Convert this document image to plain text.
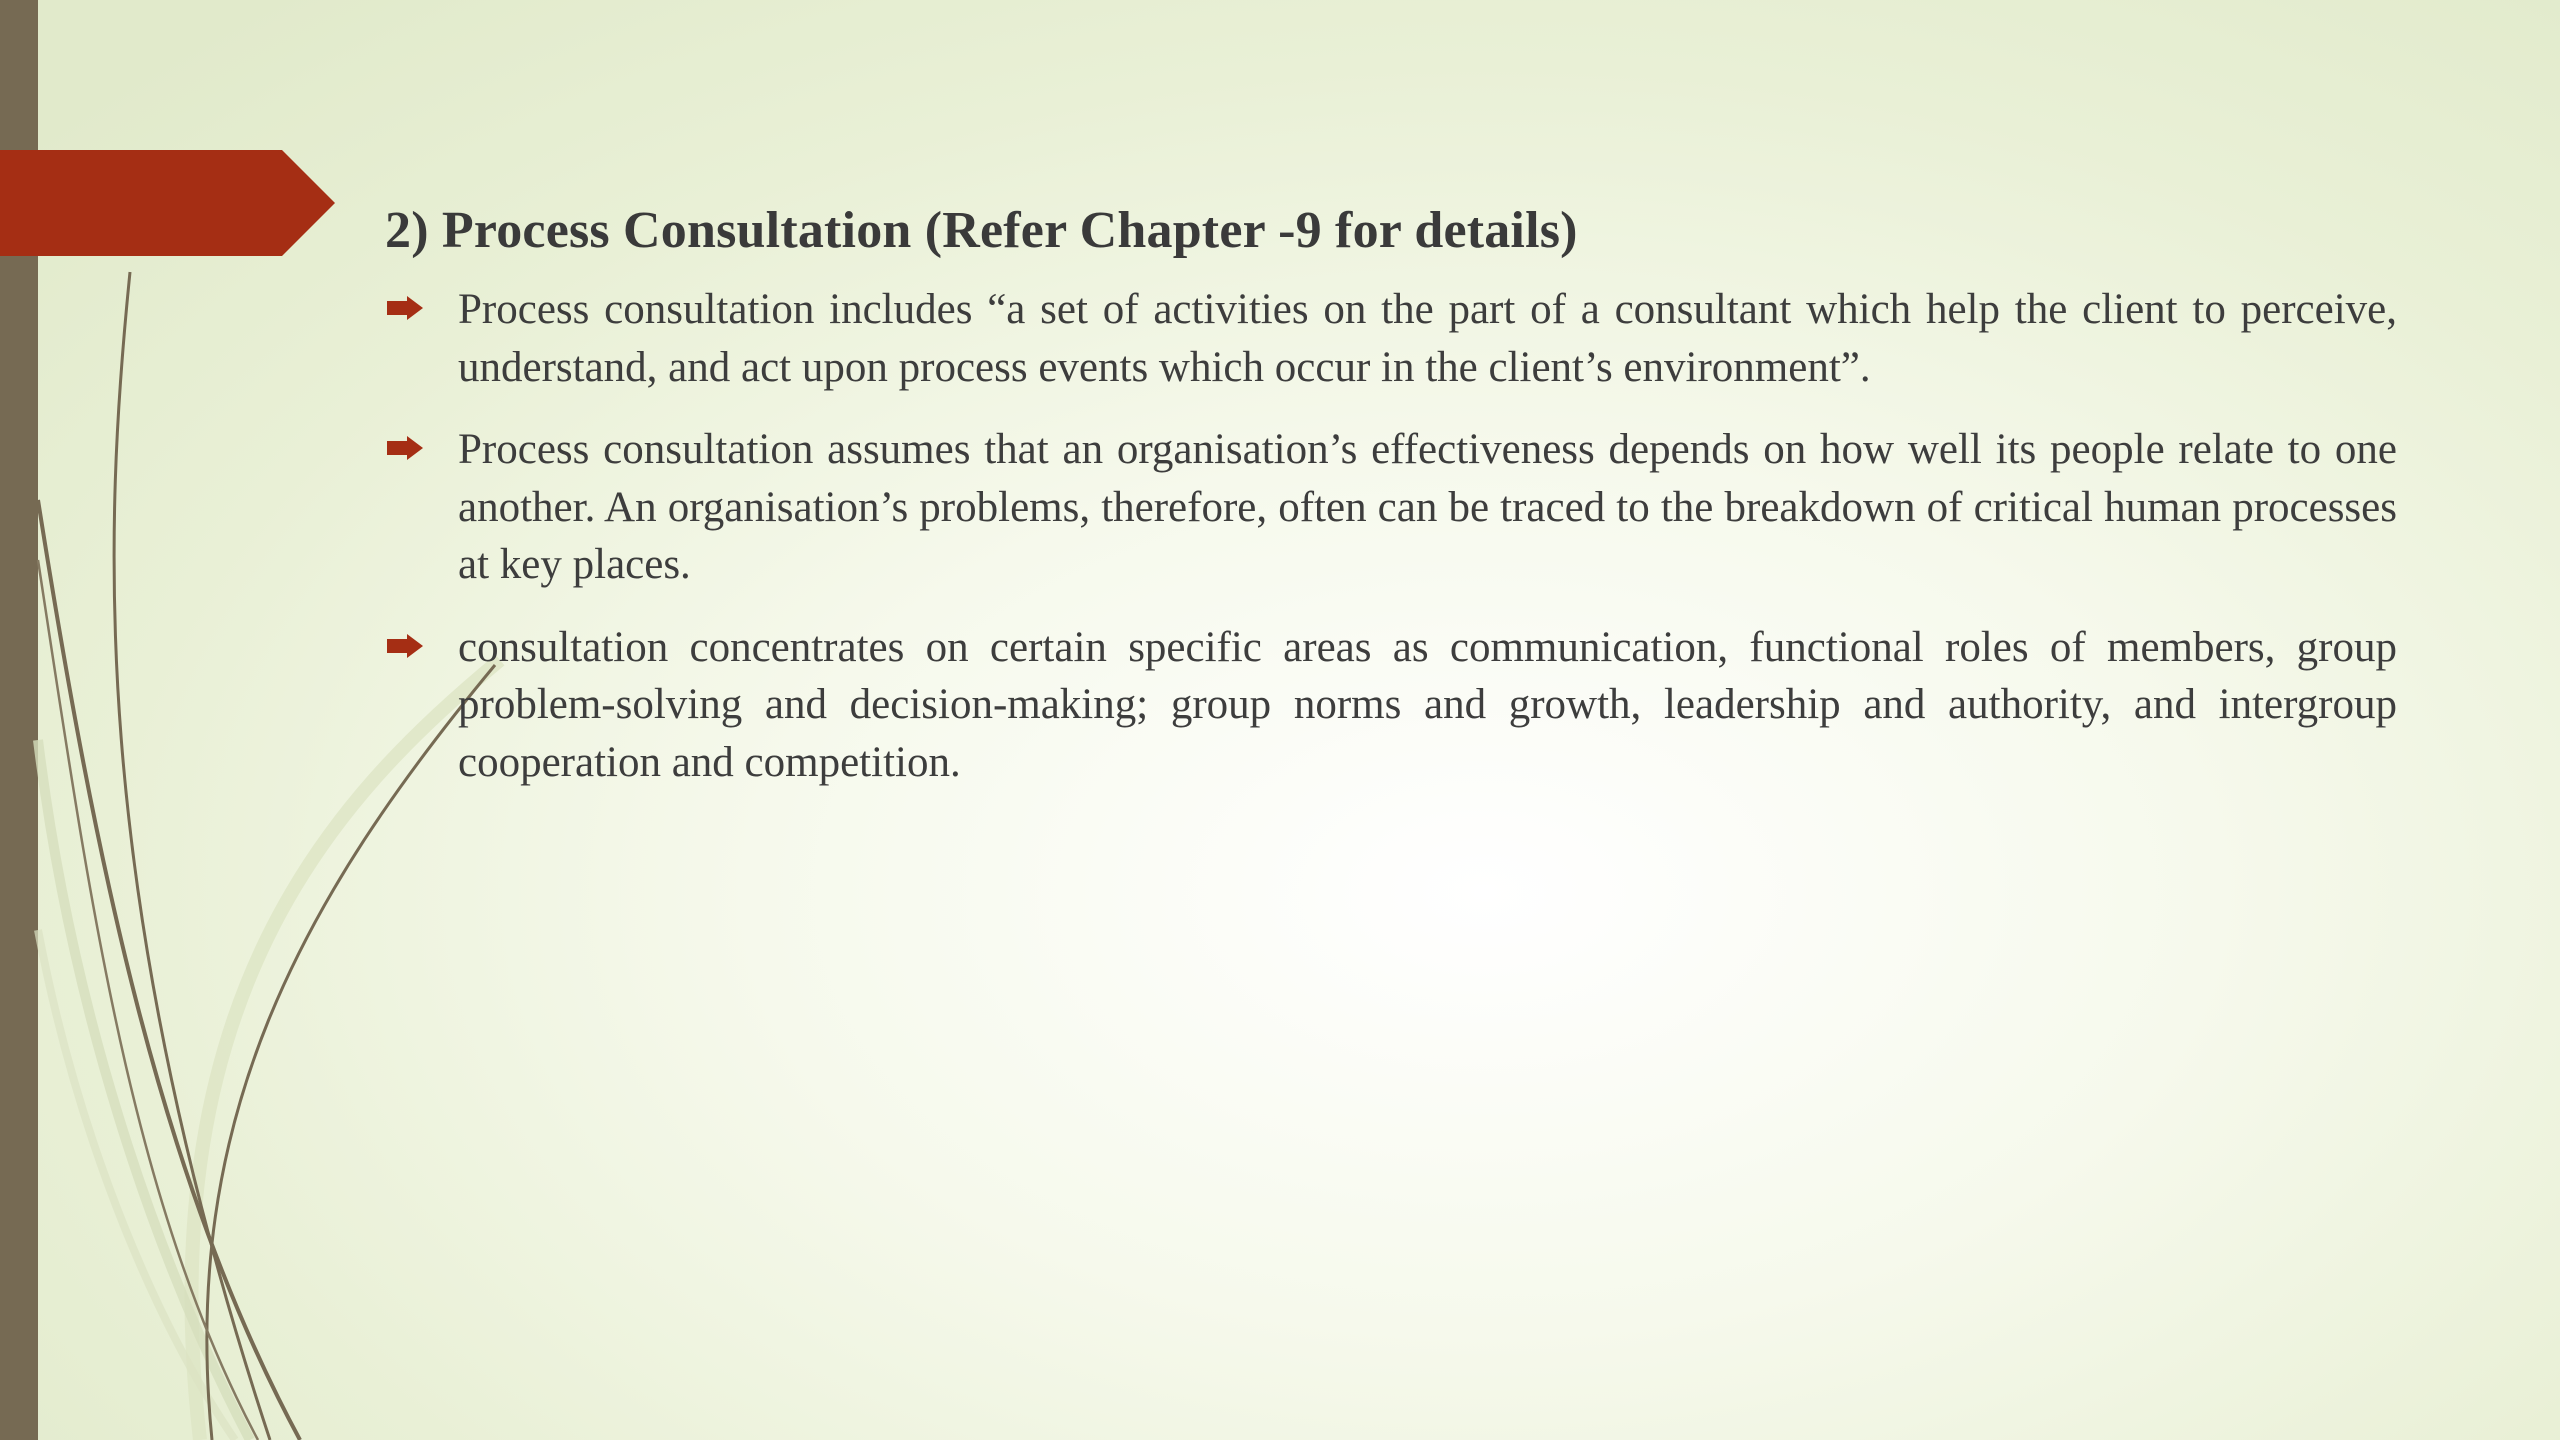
2) Process Consultation (Refer Chapter -9 for details)
Process consultation includes “a set of activities on the part of a consultant which help the client to perceive, understand, and act upon process events which occur in the client’s environment”.
Process consultation assumes that an organisation’s effectiveness depends on how well its people relate to one another. An organisation’s problems, therefore, often can be traced to the breakdown of critical human processes at key places.
consultation concentrates on certain specific areas as communication, functional roles of members, group problem-solving and decision-making; group norms and growth, leadership and authority, and intergroup cooperation and competition.
